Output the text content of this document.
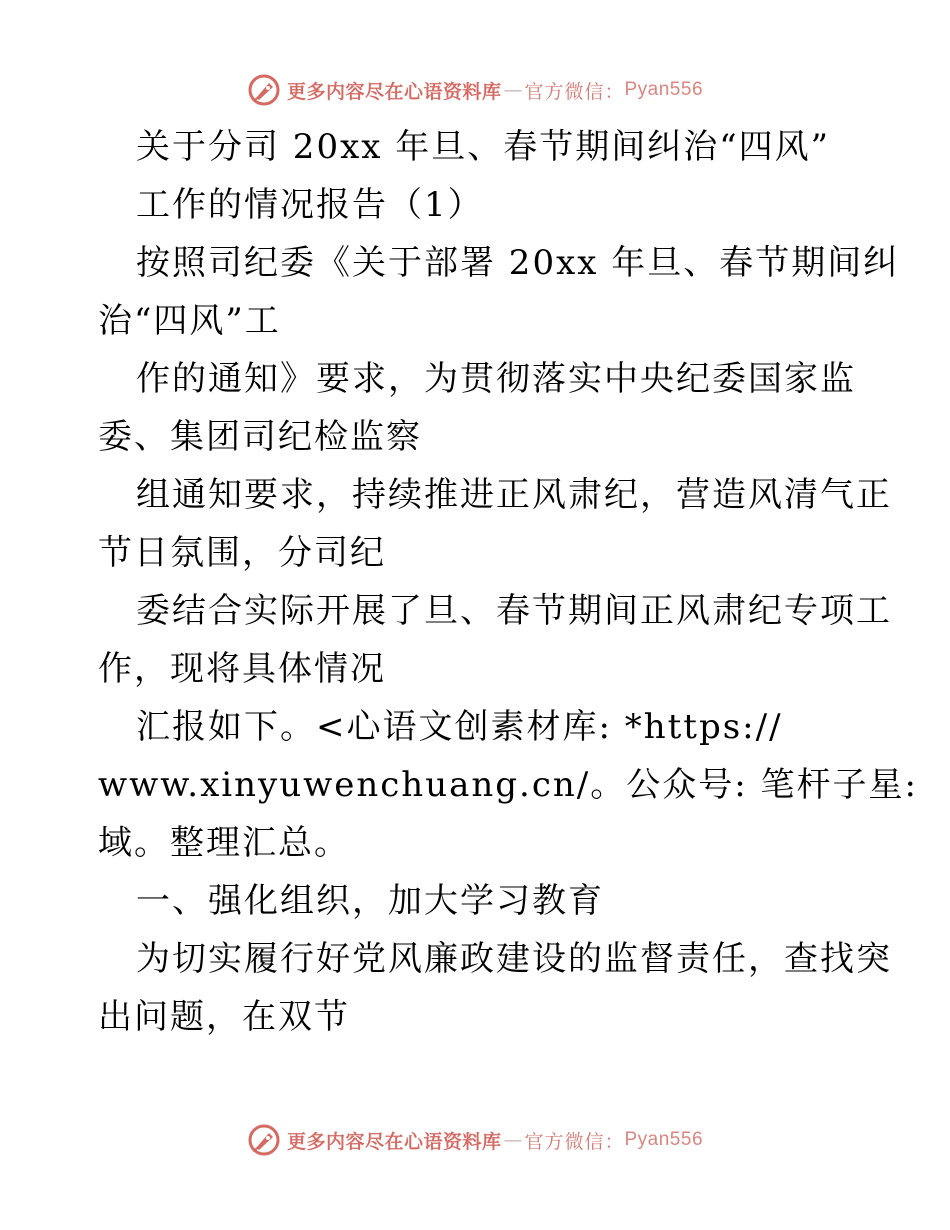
更多内容尽在心语资料库 — 官方微信： Pyan556
关于分司 20xx 年旦、春节期间纠治“四风”
工作的情况报告（1）
按照司纪委《关于部署 20xx 年旦、春节期间纠
治“四风”工
作的通知》要求，为贯彻落实中央纪委国家监
委、集团司纪检监察
组通知要求，持续推进正风肃纪，营造风清气正
节日氛围，分司纪
委结合实际开展了旦、春节期间正风肃纪专项工
作，现将具体情况
汇报如下。<心语文创素材库: *https://
www.xinyuwenchuang.cn/。公众号: 笔杆子星:
域。整理汇总。
一、强化组织，加大学习教育
为切实履行好党风廉政建设的监督责任，查找突
出问题，在双节
更多内容尽在心语资料库 — 官方微信： Pyan556
